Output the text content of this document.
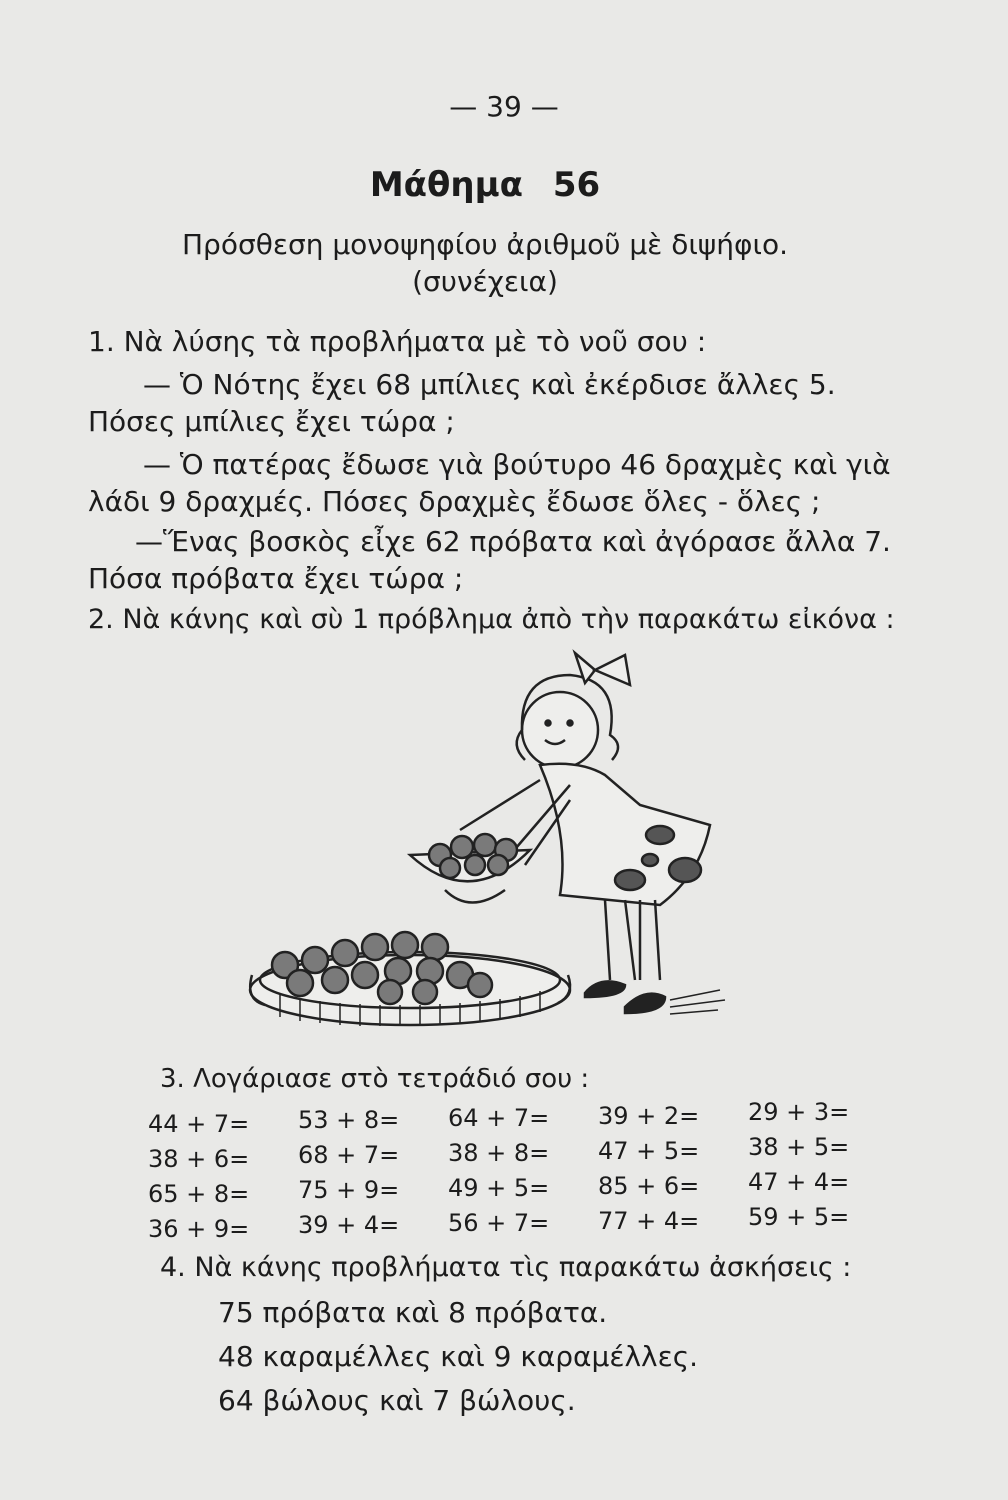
— 39 —
Μάθημα 56
Πρόσθεση μονοψηφίου ἀριθμοῦ μὲ διψήφιο.
(συνέχεια)
1. Νὰ λύσης τὰ προβλήματα μὲ τὸ νοῦ σου :
— Ὁ Νότης ἔχει 68 μπίλιες καὶ ἐκέρδισε ἄλλες 5.
Πόσες μπίλιες ἔχει τώρα ;
— Ὁ πατέρας ἔδωσε γιὰ βούτυρο 46 δραχμὲς καὶ γιὰ
λάδι 9 δραχμές. Πόσες δραχμὲς ἔδωσε ὅλες - ὅλες ;
—Ἕνας βοσκὸς εἶχε 62 πρόβατα καὶ ἀγόρασε ἄλλα 7.
Πόσα πρόβατα ἔχει τώρα ;
2. Νὰ κάνης καὶ σὺ 1 πρόβλημα ἀπὸ τὴν παρακάτω εἰκόνα :
3. Λογάριασε στὸ τετράδιό σου :
44 + 7=
38 + 6=
65 + 8=
36 + 9=
53 + 8=
68 + 7=
75 + 9=
39 + 4=
64 + 7=
38 + 8=
49 + 5=
56 + 7=
39 + 2=
47 + 5=
85 + 6=
77 + 4=
29 + 3=
38 + 5=
47 + 4=
59 + 5=
4. Νὰ κάνης προβλήματα τὶς παρακάτω ἀσκήσεις :
75 πρόβατα καὶ 8 πρόβατα.
48 καραμέλλες καὶ 9 καραμέλλες.
64 βώλους καὶ 7 βώλους.
